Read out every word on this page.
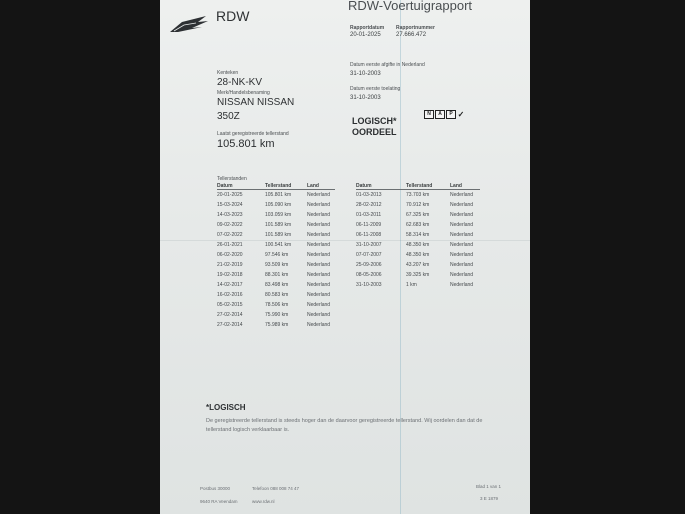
RDW
RDW-Voertuigrapport
Rapportdatum Rapportnummer
20-01-2025	27.666.472
Kenteken
28-NK-KV
Merk/Handelsbenaming
NISSAN NISSAN
350Z
Laatst geregistreerde tellerstand
105.801 km
Datum eerste afgifte in Nederland
31-10-2003
Datum eerste toelating
31-10-2003
LOGISCH*
OORDEEL
N	A	P ✓
Tellerstanden
Datum	Tellerstand	Land
20-01-2025	105.801 km	Nederland
15-03-2024	105.090 km	Nederland
14-03-2023	103.059 km	Nederland
09-02-2022	101.589 km	Nederland
07-02-2022	101.589 km	Nederland
26-01-2021	100.541 km	Nederland
06-02-2020	97.546 km	Nederland
21-02-2019	93.509 km	Nederland
19-02-2018	88.301 km	Nederland
14-02-2017	83.498 km	Nederland
16-02-2016	80.583 km	Nederland
05-02-2015	78.506 km	Nederland
27-02-2014	75.990 km	Nederland
27-02-2014	75.989 km	Nederland
Datum	Tellerstand	Land
01-03-2013	73.703 km	Nederland
28-02-2012	70.912 km	Nederland
01-03-2011	67.325 km	Nederland
06-11-2009	62.683 km	Nederland
06-11-2008	58.314 km	Nederland
31-10-2007	48.350 km	Nederland
07-07-2007	48.350 km	Nederland
25-09-2006	43.207 km	Nederland
08-05-2006	39.325 km	Nederland
31-10-2003	1 km	Nederland
*LOGISCH
De geregistreerde tellerstand is steeds hoger dan de daarvoor geregistreerde tellerstand. Wij oordelen dan dat de tellerstand logisch verklaarbaar is.
Postbus 30000	Telefoon 088 008 74 47
9640 RA Veendam	www.rdw.nl
Blad 1 van 1
3 E 1879
